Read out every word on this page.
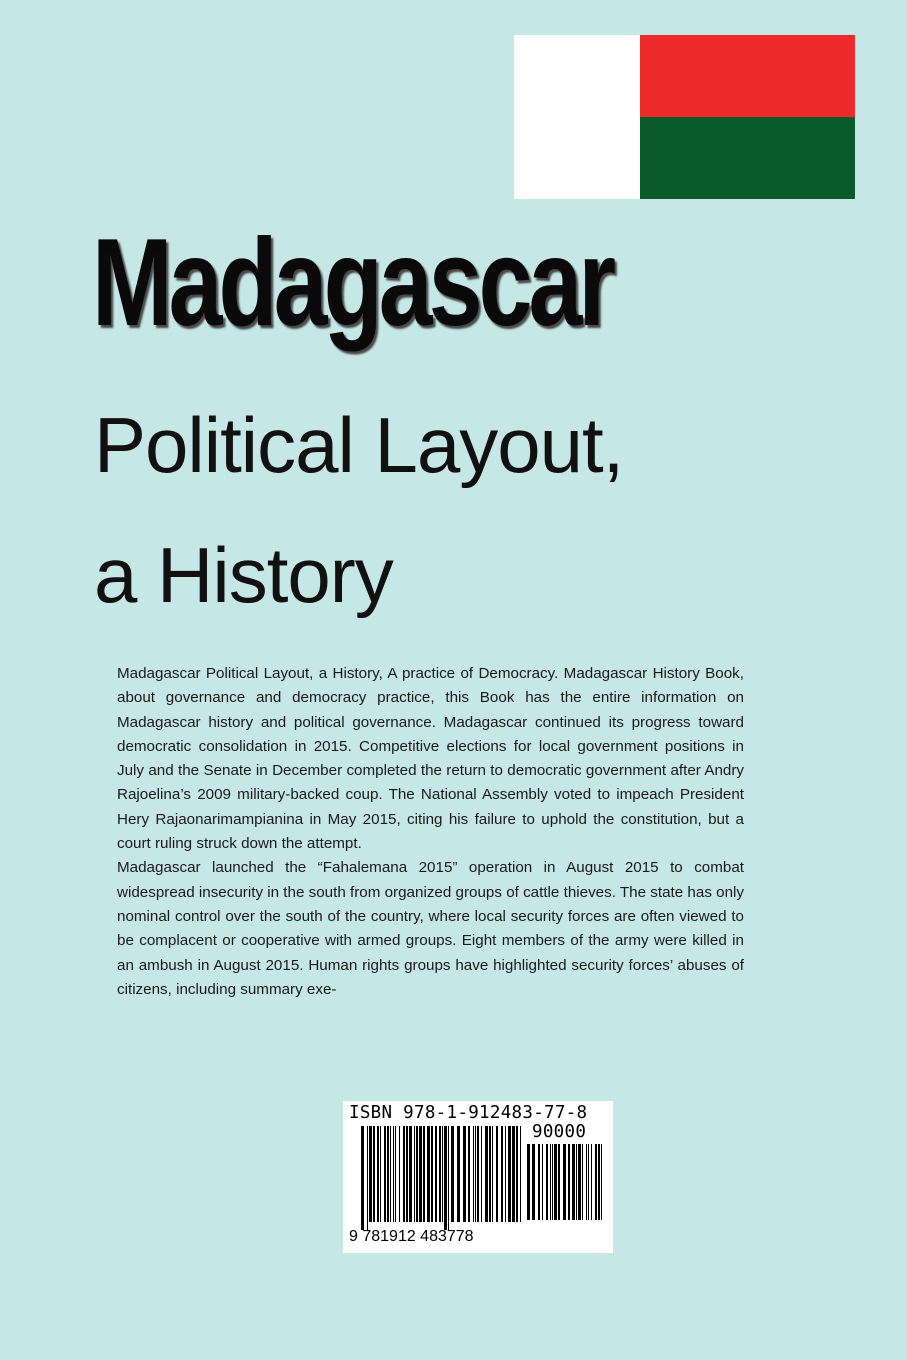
Madagascar
Political Layout,
a History

Madagascar Political Layout, a History, A practice of Democracy. Madagascar History Book, about governance and democracy practice, this Book has the entire information on Madagascar history and political governance. Madagascar continued its progress toward democratic consolidation in 2015. Competitive elections for local government positions in July and the Senate in December completed the return to democratic government after Andry Rajoelina’s 2009 military-backed coup. The National Assembly voted to impeach President Hery Rajaonarimampianina in May 2015, citing his failure to uphold the constitution, but a court ruling struck down the attempt.

Madagascar launched the “Fahalemana 2015” operation in August 2015 to combat widespread insecurity in the south from organized groups of cattle thieves. The state has only nominal control over the south of the country, where local security forces are often viewed to be complacent or cooperative with armed groups. Eight members of the army were killed in an ambush in August 2015. Human rights groups have highlighted security forces’ abuses of citizens, including summary exe-

ISBN 978-1-912483-77-8
90000
9 781912 483778
